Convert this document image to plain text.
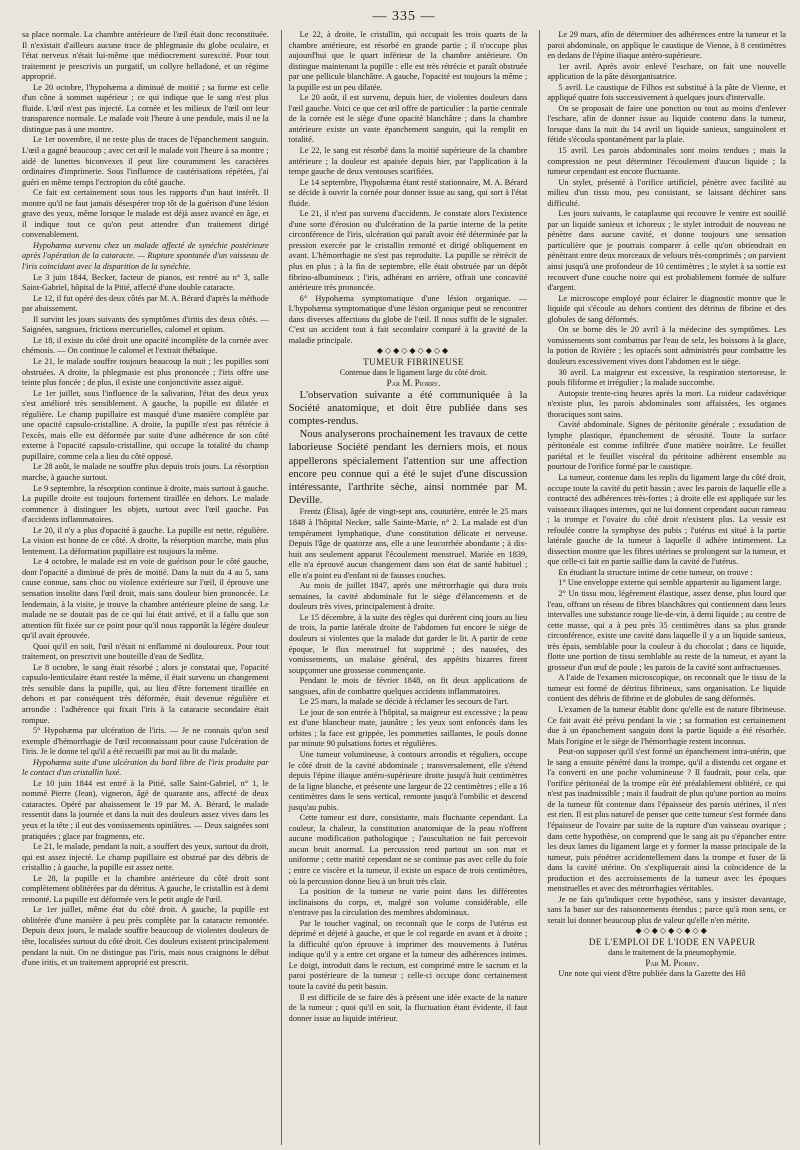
— 335 —

sa place normale. La chambre antérieure de l'œil était donc reconstituée. Il n'existait d'ailleurs aucune trace de phlegmasie du globe oculaire, et l'état nerveux n'était lui-même que médiocrement surexcité. Pour tout traitement je prescrivis un purgatif, un collyre belladoné, et un régime approprié.

Le 20 octobre, l'hypohæma a diminué de moitié ; sa forme est celle d'un cône à sommet supérieur ; ce qui indique que le sang n'est plus fluide. L'œil n'est pas injecté. La cornée et les milieux de l'œil ont leur transparence normale. Le malade voit l'heure à une pendule, mais il ne la distingue pas à une montre.

Le 1er novembre, il ne reste plus de traces de l'épanchement sanguin. L'œil a gagné beaucoup ; avec cet œil le malade voit l'heure à sa montre ; aidé de lunettes biconvexes il peut lire couramment les caractères ordinaires d'imprimerie. Sous l'influence de cautérisations répétées, j'ai guéri en même temps l'ectropion du côté gauche.

Ce fait est certainement sous tous les rapports d'un haut intérêt. Il montre qu'il ne faut jamais désespérer trop tôt de la guérison d'une lésion grave des yeux, même lorsque le malade est déjà assez avancé en âge, et il indique tout ce qu'on peut attendre d'un traitement dirigé convenablement.

Hypohæma survenu chez un malade affecté de synéchie postérieure après l'opération de la cataracte. — Rupture spontanée d'un vaisseau de l'iris coïncidant avec la disparition de la synéchie.

Le 3 juin 1844, Becker, facteur de pianos, est rentré au n° 3, salle Saint-Gabriel, hôpital de la Pitié, affecté d'une double cataracte.

Le 12, il fut opéré des deux côtés par M. A. Bérard d'après la méthode par abaissement.

Il survint les jours suivants des symptômes d'iritis des deux côtés. — Saignées, sangsues, frictions mercurielles, calomel et opium.

Le 18, il existe du côté droit une opacité incomplète de la cornée avec chémosis. — On continue le calomel et l'extrait thébaïque.

Le 21, le malade souffre toujours beaucoup la nuit ; les pupilles sont obstruées. A droite, la phlegmasie est plus prononcée ; l'iris offre une teinte plus foncée ; de plus, il existe une conjonctivite assez aiguë.

Le 1er juillet, sous l'influence de la salivation, l'état des deux yeux s'est amélioré très sensiblement. A gauche, la pupille est dilatée et régulière. Le champ pupillaire est masqué d'une manière complète par une opacité capsulo-cristalline. A droite, la pupille n'est pas rétrécie à l'excès, mais elle est déformée par suite d'une adhérence de son côté externe à l'opacité capsulo-cristalline, qui occupe la totalité du champ pupillaire, comme cela a lieu du côté opposé.

Le 28 août, le malade ne souffre plus depuis trois jours. La résorption marche, à gauche surtout.

Le 9 septembre, la résorption continue à droite, mais surtout à gauche. La pupille droite est toujours fortement tiraillée en dehors. Le malade commence à distinguer les objets, surtout avec l'œil gauche. Pas d'accidents inflammatoires.

Le 20, il n'y a plus d'opacité à gauche. La pupille est nette, régulière. La vision est bonne de ce côté. A droite, la résorption marche, mais plus lentement. La déformation pupillaire est toujours la même.

Le 4 octobre, le malade est en voie de guérison pour le côté gauche, dont l'opacité a diminué de près de moitié. Dans la nuit du 4 au 5, sans cause connue, sans choc ou violence extérieure sur l'œil, il éprouve une sensation insolite dans l'œil droit, mais sans douleur bien prononcée. Le lendemain, à la visite, je trouve la chambre antérieure pleine de sang. Le malade ne se doutait pas de ce qui lui était arrivé, et il a fallu que son attention fût fixée sur ce point pour qu'il nous rapportât la légère douleur qu'il avait éprouvée.

Quoi qu'il en soit, l'œil n'était ni enflammé ni douloureux. Pour tout traitement, on prescrivit une bouteille d'eau de Sedlitz.

Le 8 octobre, le sang était résorbé ; alors je constatai que, l'opacité capsulo-lenticulaire étant restée la même, il était survenu un changement très sensible dans la pupille, qui, au lieu d'être fortement tiraillée en dehors et par conséquent très déformée, était devenue régulière et arrondie : l'adhérence qui fixait l'iris à la cataracte secondaire était rompue.

5° Hypohæma par ulcération de l'iris. — Je ne connais qu'un seul exemple d'hémorrhagie de l'œil reconnaissant pour cause l'ulcération de l'iris. Je le donne tel qu'il a été recueilli par moi au lit du malade.

Hypohæma suite d'une ulcération du bord libre de l'iris produite par le contact d'un cristallin luxé.

Le 10 juin 1844 est entré à la Pitié, salle Saint-Gabriel, n° 1, le nommé Pierre (Jean), vigneron, âgé de quarante ans, affecté de deux cataractes. Opéré par abaissement le 19 par M. A. Bérard, le malade ressentit dans la journée et dans la nuit des douleurs assez vives dans les yeux et la tête ; il eut des vomissements opiniâtres. — Deux saignées sont pratiquées ; glace par fragments, etc.

Le 21, le malade, pendant la nuit, a souffert des yeux, surtout du droit, qui est assez injecté. Le champ pupillaire est obstrué par des débris de cristallin ; à gauche, la pupille est assez nette.

Le 28, la pupille et la chambre antérieure du côté droit sont complètement oblitérées par du détritus. A gauche, le cristallin est à demi remonté. La pupille est déformée vers le petit angle de l'œil.

Le 1er juillet, même état du côté droit. A gauche, la pupille est oblitérée d'une manière à peu près complète par la cataracte remontée. Depuis deux jours, le malade souffre beaucoup de violentes douleurs de tête, localisées surtout du côté droit. Ces douleurs existent principalement pendant la nuit. On ne distingue pas l'iris, mais nous craignons le début d'une iritis, et un traitement approprié est prescrit.

Le 22, à droite, le cristallin, qui occupait les trois quarts de la chambre antérieure, est résorbé en grande partie ; il n'occupe plus aujourd'hui que le quart inférieur de la chambre antérieure. On distingue maintenant la pupille : elle est très rétrécie et paraît obstruée par une pellicule blanchâtre. A gauche, l'opacité est toujours la même ; la pupille est un peu dilatée.

Le 20 août, il est survenu, depuis hier, de violentes douleurs dans l'œil gauche. Voici ce que cet œil offre de particulier : la partie centrale de la cornée est le siège d'une opacité blanchâtre ; dans la chambre antérieure existe un vaste épanchement sanguin, qui la remplit en totalité.

Le 22, le sang est résorbé dans la moitié supérieure de la chambre antérieure ; la douleur est apaisée depuis hier, par l'application à la tempe gauche de deux ventouses scarifiées.

Le 14 septembre, l'hypohæma étant resté stationnaire, M. A. Bérard se décide à ouvrir la cornée pour donner issue au sang, qui sort à l'état fluide.

Le 21, il n'est pas survenu d'accidents. Je constate alors l'existence d'une sorte d'érosion ou d'ulcération de la partie interne de la petite circonférence de l'iris, ulcération qui paraît avoir été déterminée par la pression exercée par le cristallin remonté et dirigé obliquement en avant. L'hémorrhagie ne s'est pas reproduite. La pupille se rétrécit de plus en plus ; à la fin de septembre, elle était obstruée par un dépôt fibrino-albumineux ; l'iris, adhérant en arrière, offrait une concavité antérieure très prononcée.

6° Hypohæma symptomatique d'une lésion organique. — L'hypohæma symptomatique d'une lésion organique peut se rencontrer dans diverses affections du globe de l'œil. Il nous suffit de le signaler. C'est un accident tout à fait secondaire comparé à la gravité de la maladie principale.

◆◇◆◇◆◇◆◇◆

TUMEUR FIBRINEUSE

Contenue dans le ligament large du côté droit.

Par M. Piorry.

L'observation suivante a été communiquée à la Société anatomique, et doit être publiée dans ses comptes-rendus.

Nous analyserons prochainement les travaux de cette laborieuse Société pendant les derniers mois, et nous appellerons spécialement l'attention sur une affection encore peu connue qui a été le sujet d'une discussion intéressante, l'arthrite sèche, ainsi nommée par M. Deville.

Frentz (Élisa), âgée de vingt-sept ans, couturière, entrée le 25 mars 1848 à l'hôpital Necker, salle Sainte-Marie, n° 2. La malade est d'un tempérament lymphatique, d'une constitution délicate et nerveuse. Depuis l'âge de quatorze ans, elle a une leucorrhée abondante ; à dix-huit ans seulement apparut l'écoulement menstruel. Mariée en 1839, elle n'a éprouvé aucun changement dans son état de santé habituel ; elle n'a point eu d'enfant ni de fausses couches.

Au mois de juillet 1847, après une métrorrhagie qui dura trois semaines, la cavité abdominale fut le siège d'élancements et de douleurs très vives, principalement à droite.

Le 15 décembre, à la suite des règles qui durèrent cinq jours au lieu de trois, la partie latérale droite de l'abdomen fut encore le siège de douleurs si violentes que la malade dut garder le lit. A partir de cette époque, le flux menstruel fut supprimé ; des nausées, des vomissements, un malaise général, des appétits bizarres firent soupçonner une grossesse commençante.

Pendant le mois de février 1848, on fit deux applications de sangsues, afin de combattre quelques accidents inflammatoires.

Le 25 mars, la malade se décide à réclamer les secours de l'art.

Le jour de son entrée à l'hôpital, sa maigreur est excessive ; la peau est d'une blancheur mate, jaunâtre ; les yeux sont enfoncés dans les orbites ; la face est grippée, les pommettes saillantes, le pouls donne par minute 90 pulsations fortes et régulières.

Une tumeur volumineuse, à contours arrondis et réguliers, occupe le côté droit de la cavité abdominale ; transversalement, elle s'étend depuis l'épine iliaque antéro-supérieure droite jusqu'à huit centimètres de la ligne blanche, et présente une largeur de 22 centimètres ; elle a 16 centimètres dans le sens vertical, remonte jusqu'à l'ombilic et descend jusqu'au pubis.

Cette tumeur est dure, consistante, mais fluctuante cependant. La couleur, la chaleur, la constitution anatomique de la peau n'offrent aucune modification pathologique ; l'auscultation ne fait percevoir aucun bruit anormal. La percussion rend partout un son mat et uniforme ; cette matité cependant ne se continue pas avec celle du foie ; entre ce viscère et la tumeur, il existe un espace de trois centimètres, où la percussion donne lieu à un bruit très clair.

La position de la tumeur ne varie point dans les différentes inclinaisons du corps, et, malgré son volume considérable, elle n'entrave pas la circulation des membres abdominaux.

Par le toucher vaginal, on reconnaît que le corps de l'utérus est déprimé et déjeté à gauche, et que le col regarde en avant et à droite ; la difficulté qu'on éprouve à imprimer des mouvements à l'utérus indique qu'il y a entre cet organe et la tumeur des adhérences intimes. Le doigt, introduit dans le rectum, est comprimé entre le sacrum et la paroi postérieure de la tumeur ; celle-ci occupe donc certainement toute la cavité du petit bassin.

Il est difficile de se faire dès à présent une idée exacte de la nature de la tumeur ; quoi qu'il en soit, la fluctuation étant évidente, il faut donner issue au liquide intérieur.

Le 29 mars, afin de déterminer des adhérences entre la tumeur et la paroi abdominale, on applique le caustique de Vienne, à 8 centimètres en dedans de l'épine iliaque antéro-supérieure.

1er avril. Après avoir enlevé l'eschare, on fait une nouvelle application de la pâte désorganisatrice.

5 avril. Le caustique de Filhos est substitué à la pâte de Vienne, et appliqué quatre fois successivement à quelques jours d'intervalle.

On se proposait de faire une ponction ou tout au moins d'enlever l'eschare, afin de donner issue au liquide contenu dans la tumeur, lorsque dans la nuit du 14 avril un liquide sanieux, sanguinolent et fétide s'écoula spontanément par la plaie.

15 avril. Les parois abdominales sont moins tendues ; mais la compression ne peut déterminer l'écoulement d'aucun liquide ; la tumeur cependant est encore fluctuante.

Un stylet, présenté à l'orifice artificiel, pénètre avec facilité au milieu d'un tissu mou, peu consistant, se laissant déchirer sans difficulté.

Les jours suivants, le cataplasme qui recouvre le ventre est souillé par un liquide sanieux et ichoreux ; le stylet introduit de nouveau ne pénètre dans aucune cavité, et donne toujours une sensation particulière que je pourrais comparer à celle qu'on obtiendrait en pénétrant entre deux morceaux de velours très-comprimés ; on parvient ainsi jusqu'à une profondeur de 10 centimètres ; le stylet à sa sortie est recouvert d'une couche noire qui est probablement formée de sulfure d'argent.

Le microscope employé pour éclairer le diagnostic montre que le liquide qui s'écoule au dehors contient des détritus de fibrine et des globules de sang déformés.

On se borne dès le 20 avril à la médecine des symptômes. Les vomissements sont combattus par l'eau de selz, les boissons à la glace, la potion de Rivière ; les opiacés sont administrés pour combattre les douleurs excessivement vives dont l'abdomen est le siège.

30 avril. La maigreur est excessive, la respiration stertoreuse, le pouls filiforme et irrégulier ; la malade succombe.

Autopsie trente-cinq heures après la mort. La roideur cadavérique n'existe plus, les parois abdominales sont affaissées, les organes thoraciques sont sains.

Cavité abdominale. Signes de péritonite générale ; exsudation de lymphe plastique, épanchement de sérosité. Toute la surface péritonéale est comme infiltrée d'une matière noirâtre. Le feuillet pariétal et le feuillet viscéral du péritoine adhèrent ensemble au pourtour de l'orifice formé par le caustique.

La tumeur, contenue dans les replis du ligament large du côté droit, occupe toute la cavité du petit bassin ; avec les parois de laquelle elle a contracté des adhérences très-fortes ; à droite elle est appliquée sur les vaisseaux iliaques internes, qui ne lui donnent cependant aucun rameau ; la trompe et l'ovaire du côté droit n'existent plus. La vessie est refoulée contre la symphyse des pubis ; l'utérus est situé à la partie latérale gauche de la tumeur à laquelle il adhère intimement. La dissection montre que les fibres utérines se prolongent sur la tumeur, et que celle-ci fait en partie saillie dans la cavité de l'utérus.

En étudiant la structure intime de cette tumeur, on trouve :

1° Une enveloppe externe qui semble appartenir au ligament large.

2° Un tissu mou, légèrement élastique, assez dense, plus lourd que l'eau, offrant un réseau de fibres blanchâtres qui contiennent dans leurs intervalles une substance rouge lie-de-vin, à demi liquide ; au centre de cette masse, qui a à peu près 35 centimètres dans sa plus grande circonférence, existe une cavité dans laquelle il y a un liquide sanieux, très épais, semblable pour la couleur à du chocolat ; dans ce liquide, flotte une portion de tissu semblable au reste de la tumeur, et ayant la grosseur d'un œuf de poule ; les parois de la cavité sont anfractueuses.

A l'aide de l'examen microscopique, on reconnaît que le tissu de la tumeur est formé de détritus fibrineux, sans organisation. Le liquide contient des débris de fibrine et de globules de sang déformés.

L'examen de la tumeur établit donc qu'elle est de nature fibrineuse. Ce fait avait été prévu pendant la vie ; sa formation est certainement due à un épanchement sanguin dont la partie liquide a été résorbée. Mais l'origine et le siège de l'hémorrhagie restent inconnus.

Peut-on supposer qu'il s'est formé un épanchement intra-utérin, que le sang a ensuite pénétré dans la trompe, qu'il a distendu cet organe et l'a converti en une poche volumineuse ? Il faudrait, pour cela, que l'orifice péritonéal de la trompe eût été préalablement oblitéré, ce qui n'est pas inadmissible ; mais il faudrait de plus qu'une portion au moins de la tumeur fût contenue dans l'épaisseur des parois utérines, il n'en est rien. Il est plus naturel de penser que cette tumeur s'est formée dans l'épaisseur de l'ovaire par suite de la rupture d'un vaisseau ovarique ; dans cette hypothèse, on comprend que le sang ait pu s'épancher entre les deux lames du ligament large et y former la masse principale de la tumeur, puis pénétrer accidentellement dans la trompe et fuser de là dans la cavité utérine. On s'expliquerait ainsi la coïncidence de la production et des accroissements de la tumeur avec les époques menstruelles et avec des métrorrhagies véritables.

Je ne fais qu'indiquer cette hypothèse, sans y insister davantage, sans la baser sur des raisonnements étendus ; parce qu'à mon sens, ce serait lui donner beaucoup plus de valeur qu'elle n'en mérite.

◆◇◆◇◆◇◆◇◆

DE L'EMPLOI DE L'IODE EN VAPEUR

dans le traitement de la pneumophymie.

Par M. Piorry.

Une note qui vient d'être publiée dans la Gazette des Hô
